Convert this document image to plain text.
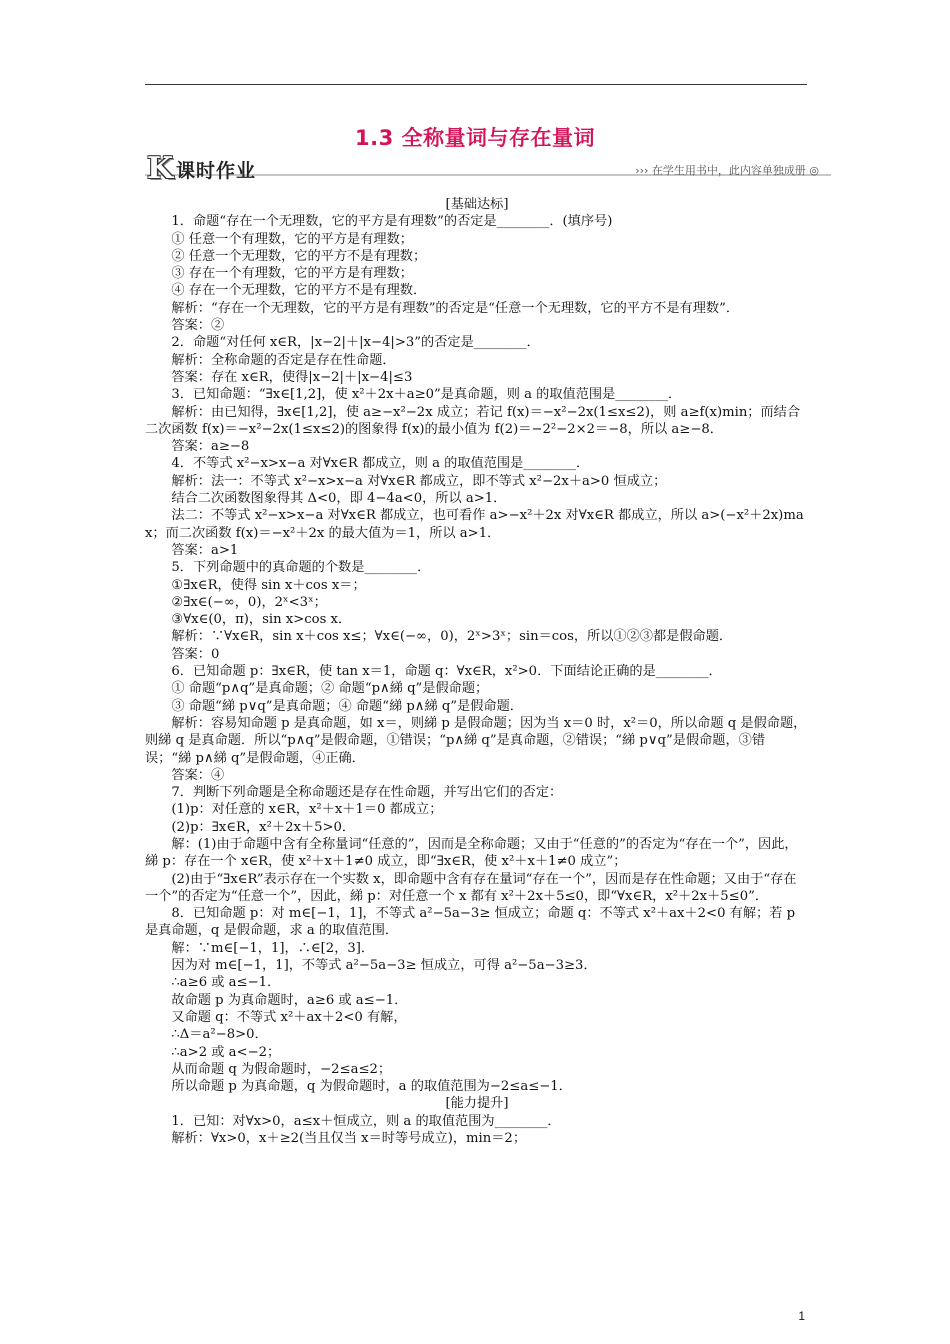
1.3 全称量词与存在量词
K 课时作业	››› 在学生用书中，此内容单独成册 ◎
[基础达标]
1．命题“存在一个无理数，它的平方是有理数”的否定是________．(填序号)
① 任意一个有理数，它的平方是有理数；
② 任意一个无理数，它的平方不是有理数；
③ 存在一个有理数，它的平方是有理数；
④ 存在一个无理数，它的平方不是有理数．
解析：“存在一个无理数，它的平方是有理数”的否定是“任意一个无理数，它的平方不是有理数”．
答案：②
2．命题“对任何 x∈R，|x−2|＋|x−4|>3”的否定是________．
解析：全称命题的否定是存在性命题．
答案：存在 x∈R，使得|x−2|＋|x−4|≤3
3．已知命题：“∃x∈[1,2]，使 x²＋2x＋a≥0”是真命题，则 a 的取值范围是________．
解析：由已知得，∃x∈[1,2]，使 a≥−x²−2x 成立；若记 f(x)＝−x²−2x(1≤x≤2)，则 a≥f(x)min；而结合二次函数 f(x)＝−x²−2x(1≤x≤2)的图象得 f(x)的最小值为 f(2)＝−2²−2×2＝−8，所以 a≥−8．
答案：a≥−8
4．不等式 x²−x>x−a 对∀x∈R 都成立，则 a 的取值范围是________．
解析：法一：不等式 x²−x>x−a 对∀x∈R 都成立，即不等式 x²−2x＋a>0 恒成立；
结合二次函数图象得其 Δ<0，即 4−4a<0，所以 a>1．
法二：不等式 x²−x>x−a 对∀x∈R 都成立，也可看作 a>−x²＋2x 对∀x∈R 都成立，所以 a>(−x²＋2x)max；而二次函数 f(x)＝−x²＋2x 的最大值为＝1，所以 a>1．
答案：a>1
5．下列命题中的真命题的个数是________．
①∃x∈R，使得 sin x＋cos x＝；
②∃x∈(−∞，0)，2ˣ<3ˣ；
③∀x∈(0，π)，sin x>cos x．
解析：∵∀x∈R，sin x＋cos x≤；∀x∈(−∞，0)，2ˣ>3ˣ；sin＝cos，所以①②③都是假命题．
答案：0
6．已知命题 p：∃x∈R，使 tan x＝1，命题 q：∀x∈R，x²>0．下面结论正确的是________．
① 命题“p∧q”是真命题；② 命题“p∧綈 q”是假命题；
③ 命题“綈 p∨q”是真命题；④ 命题“綈 p∧綈 q”是假命题．
解析：容易知命题 p 是真命题，如 x＝，则綈 p 是假命题；因为当 x＝0 时，x²＝0，所以命题 q 是假命题，则綈 q 是真命题．所以“p∧q”是假命题，①错误；“p∧綈 q”是真命题，②错误；“綈 p∨q”是假命题，③错误；“綈 p∧綈 q”是假命题，④正确．
答案：④
7．判断下列命题是全称命题还是存在性命题，并写出它们的否定：
(1)p：对任意的 x∈R，x²＋x＋1＝0 都成立；
(2)p：∃x∈R，x²＋2x＋5>0．
解：(1)由于命题中含有全称量词“任意的”，因而是全称命题；又由于“任意的”的否定为“存在一个”，因此，綈 p：存在一个 x∈R，使 x²＋x＋1≠0 成立，即“∃x∈R，使 x²＋x＋1≠0 成立”；
(2)由于“∃x∈R”表示存在一个实数 x，即命题中含有存在量词“存在一个”，因而是存在性命题；又由于“存在一个”的否定为“任意一个”，因此，綈 p：对任意一个 x 都有 x²＋2x＋5≤0，即“∀x∈R，x²＋2x＋5≤0”．
8．已知命题 p：对 m∈[−1，1]，不等式 a²−5a−3≥ 恒成立；命题 q：不等式 x²＋ax＋2<0 有解；若 p 是真命题，q 是假命题，求 a 的取值范围．
解：∵m∈[−1，1]，∴∈[2，3]．
因为对 m∈[−1，1]，不等式 a²−5a−3≥ 恒成立，可得 a²−5a−3≥3．
∴a≥6 或 a≤−1．
故命题 p 为真命题时，a≥6 或 a≤−1．
又命题 q：不等式 x²＋ax＋2<0 有解，
∴Δ＝a²−8>0．
∴a>2 或 a<−2；
从而命题 q 为假命题时，−2≤a≤2；
所以命题 p 为真命题，q 为假命题时，a 的取值范围为−2≤a≤−1．
[能力提升]
1．已知：对∀x>0，a≤x＋恒成立，则 a 的取值范围为________．
解析：∀x>0，x＋≥2(当且仅当 x＝时等号成立)，min＝2；
1
